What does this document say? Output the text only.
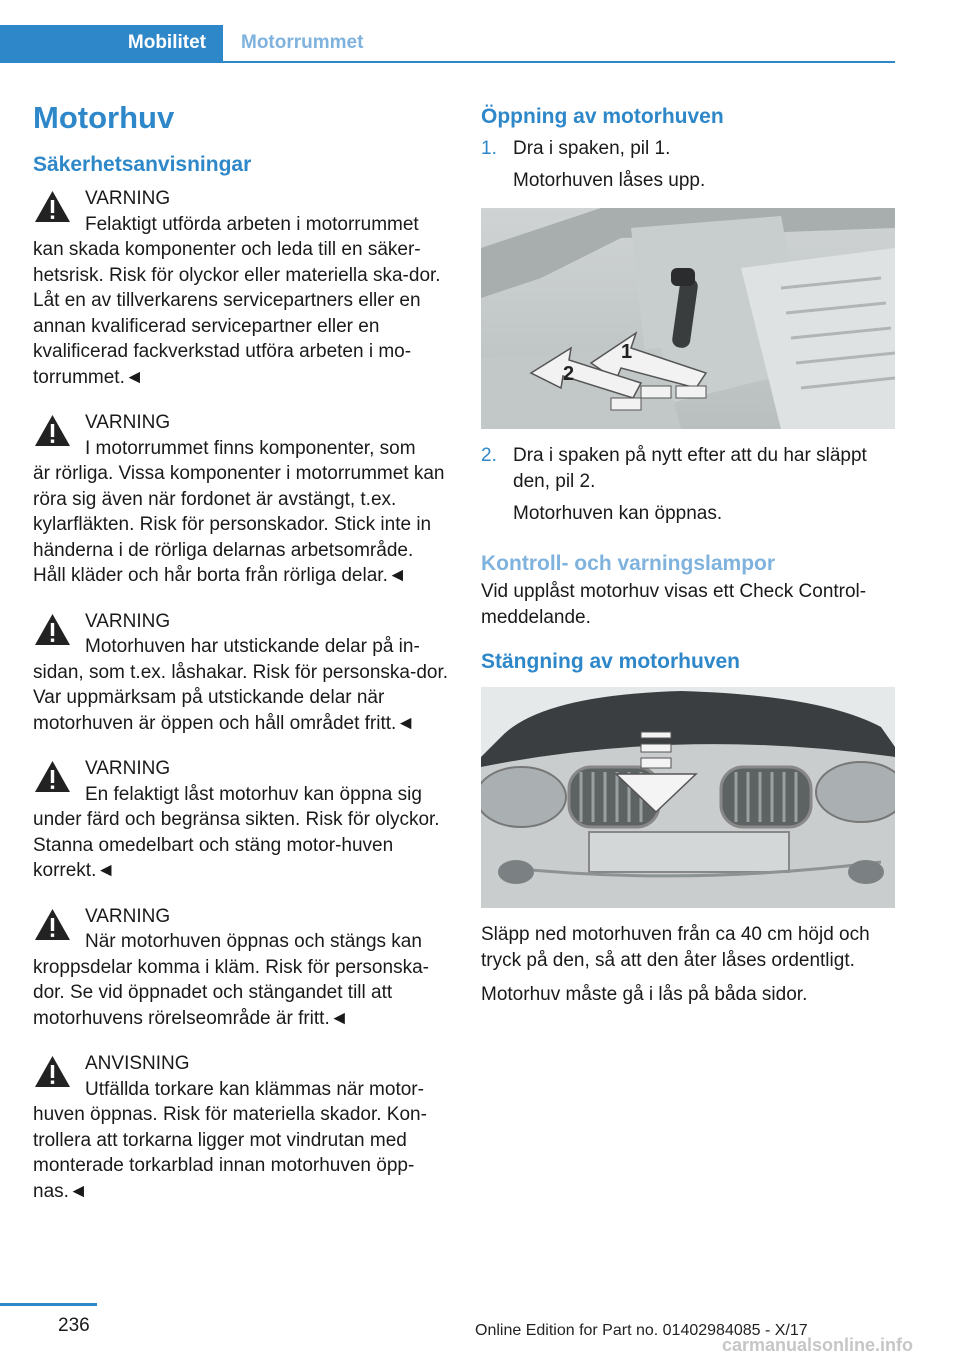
Mobilitet	Motorrummet
Motorhuv
Säkerhetsanvisningar
VARNING
Felaktigt utförda arbeten i motorrummet
kan skada komponenter och leda till en säker-hetsrisk. Risk för olyckor eller materiella ska-dor. Låt en av tillverkarens servicepartners eller en annan kvalificerad servicepartner eller en kvalificerad fackverkstad utföra arbeten i mo-torrummet.◄
VARNING
I motorrummet finns komponenter, som
är rörliga. Vissa komponenter i motorrummet kan röra sig även när fordonet är avstängt, t.ex. kylarfläkten. Risk för personskador. Stick inte in händerna i de rörliga delarnas arbetsområde. Håll kläder och hår borta från rörliga delar.◄
VARNING
Motorhuven har utstickande delar på in-
sidan, som t.ex. låshakar. Risk för personska-dor. Var uppmärksam på utstickande delar när motorhuven är öppen och håll området fritt.◄
VARNING
En felaktigt låst motorhuv kan öppna sig
under färd och begränsa sikten. Risk för olyckor. Stanna omedelbart och stäng motor-huven korrekt.◄
VARNING
När motorhuven öppnas och stängs kan
kroppsdelar komma i kläm. Risk för personska-dor. Se vid öppnadet och stängandet till att motorhuvens rörelseområde är fritt.◄
ANVISNING
Utfällda torkare kan klämmas när motor-
huven öppnas. Risk för materiella skador. Kon-trollera att torkarna ligger mot vindrutan med monterade torkarblad innan motorhuven öpp-nas.◄
Öppning av motorhuven
1. Dra i spaken, pil 1.
Motorhuven låses upp.
1
2
2. Dra i spaken på nytt efter att du har släppt den, pil 2.
Motorhuven kan öppnas.
Kontroll- och varningslampor

Vid upplåst motorhuv visas ett Check Control-meddelande.

Stängning av motorhuven

Släpp ned motorhuven från ca 40 cm höjd och tryck på den, så att den åter låses ordentligt.

Motorhuv måste gå i lås på båda sidor.

236	Online Edition for Part no. 01402984085 - X/17
carmanualsonline.info
